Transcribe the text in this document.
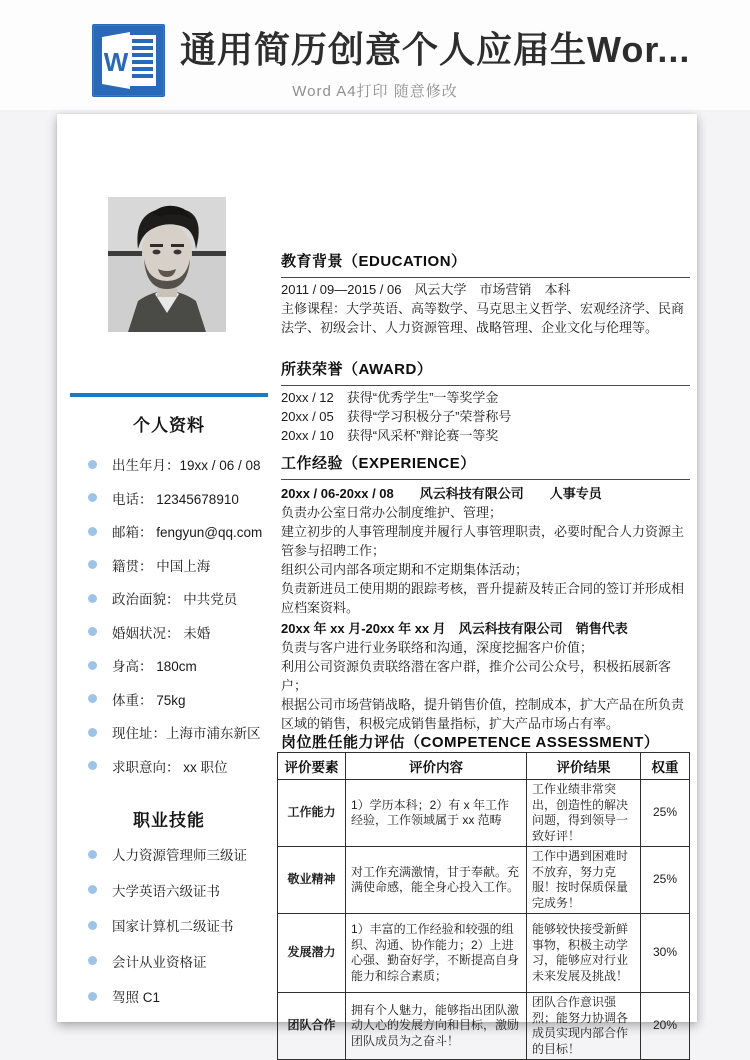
W 通用简历创意个人应届生Wor...
Word A4打印 随意修改
个人资料
出生年月：19xx / 06 / 08
电话： 12345678910
邮箱： fengyun@qq.com
籍贯： 中国上海
政治面貌： 中共党员
婚姻状况： 未婚
身高： 180cm
体重： 75kg
现住址：上海市浦东新区
求职意向： xx 职位
职业技能
人力资源管理师三级证
大学英语六级证书
国家计算机二级证书
会计从业资格证
驾照 C1
教育背景（EDUCATION）
2011 / 09—2015 / 06　风云大学　市场营销　本科
主修课程：大学英语、高等数学、马克思主义哲学、宏观经济学、民商法学、初级会计、人力资源管理、战略管理、企业文化与伦理等。
所获荣誉（AWARD）
20xx / 12　获得“优秀学生”一等奖学金
20xx / 05　获得“学习积极分子”荣誉称号
20xx / 10　获得“风采杯”辩论赛一等奖
工作经验（EXPERIENCE）
20xx / 06-20xx / 08　　风云科技有限公司　　人事专员
负责办公室日常办公制度维护、管理；
建立初步的人事管理制度并履行人事管理职责，必要时配合人力资源主管参与招聘工作；
组织公司内部各项定期和不定期集体活动；
负责新进员工使用期的跟踪考核，晋升提薪及转正合同的签订并形成相应档案资料。
20xx 年 xx 月-20xx 年 xx 月　风云科技有限公司　销售代表
负责与客户进行业务联络和沟通，深度挖掘客户价值；
利用公司资源负责联络潜在客户群，推介公司公众号，积极拓展新客户；
根据公司市场营销战略，提升销售价值，控制成本，扩大产品在所负责区域的销售，积极完成销售量指标，扩大产品市场占有率。
岗位胜任能力评估（COMPETENCE ASSESSMENT）
评价要素	评价内容	评价结果	权重
工作能力	1）学历本科；2）有 x 年工作经验，工作领域属于 xx 范畴	工作业绩非常突出，创造性的解决问题，得到领导一致好评！	25%
敬业精神	对工作充满激情，甘于奉献。充满使命感，能全身心投入工作。	工作中遇到困难时不放弃，努力克服！按时保质保量完成务！	25%
发展潜力	1）丰富的工作经验和较强的组织、沟通、协作能力；2）上进心强、勤奋好学，不断提高自身能力和综合素质；	能够较快接受新鲜事物，积极主动学习，能够应对行业未来发展及挑战！	30%
团队合作	拥有个人魅力，能够指出团队激动人心的发展方向和目标，激励团队成员为之奋斗！	团队合作意识强烈；能努力协调各成员实现内部合作的目标！	20%
